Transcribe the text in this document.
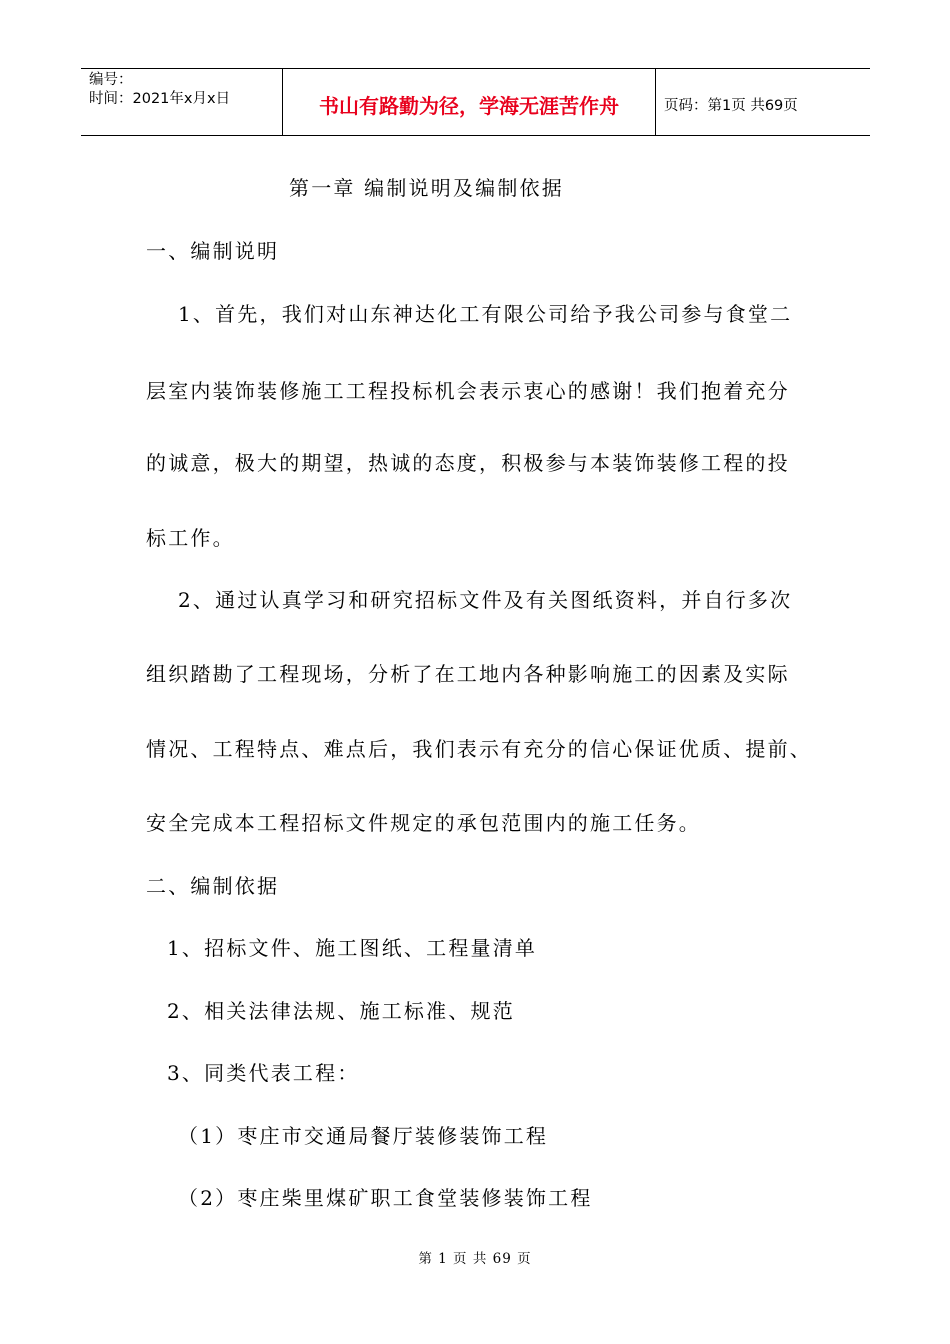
编号：
时间：2021年x月x日	书山有路勤为径，学海无涯苦作舟	页码：第1页 共69页
第一章 编制说明及编制依据
一、编制说明
1、首先，我们对山东神达化工有限公司给予我公司参与食堂二
层室内装饰装修施工工程投标机会表示衷心的感谢！我们抱着充分
的诚意，极大的期望，热诚的态度，积极参与本装饰装修工程的投
标工作。
2、通过认真学习和研究招标文件及有关图纸资料，并自行多次
组织踏勘了工程现场，分析了在工地内各种影响施工的因素及实际
情况、工程特点、难点后，我们表示有充分的信心保证优质、提前、
安全完成本工程招标文件规定的承包范围内的施工任务。
二、编制依据
1、招标文件、施工图纸、工程量清单
2、相关法律法规、施工标准、规范
3、同类代表工程：
（1）枣庄市交通局餐厅装修装饰工程
（2）枣庄柴里煤矿职工食堂装修装饰工程
第 1 页 共 69 页
